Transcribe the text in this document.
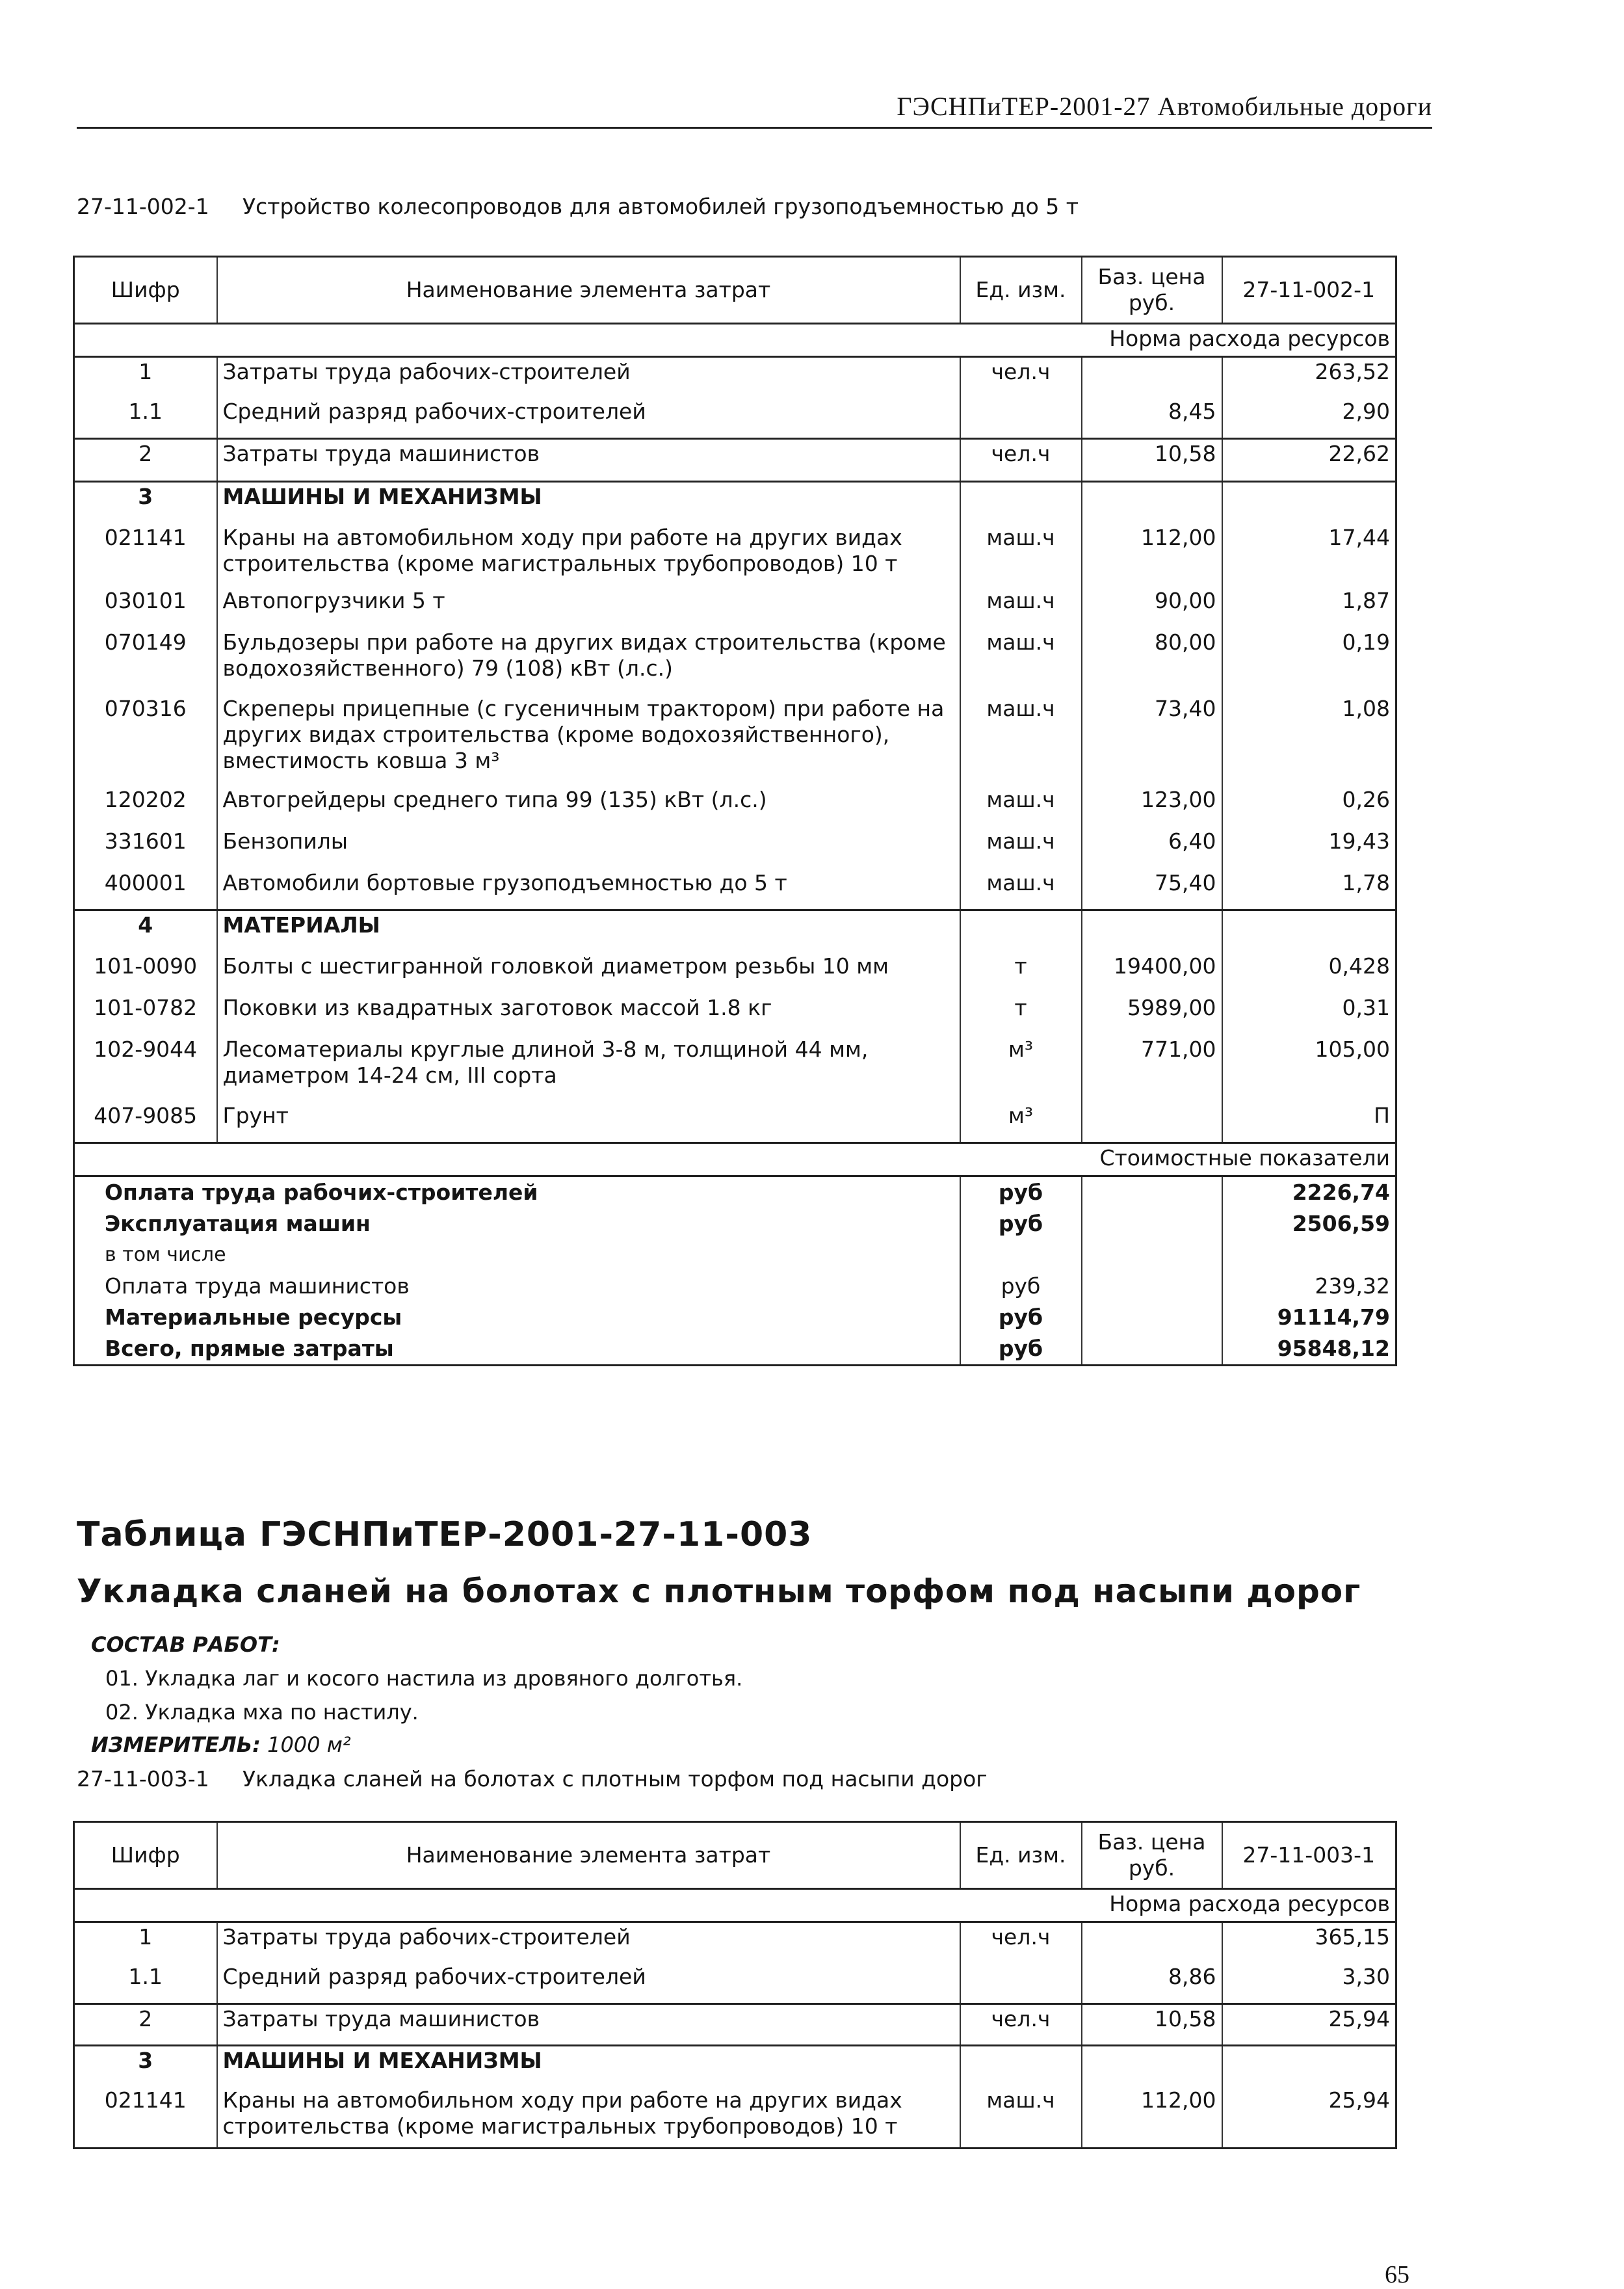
ГЭСНПиТЕР-2001-27 Автомобильные дороги
27-11-002-1 Устройство колесопроводов для автомобилей грузоподъемностью до 5 т
Шифр	Наименование элемента затрат	Ед. изм.	Баз. цена руб.	27-11-002-1
Норма расхода ресурсов				
1	Затраты труда рабочих-строителей	чел.ч		263,52
1.1	Средний разряд рабочих-строителей		8,45	2,90
2	Затраты труда машинистов	чел.ч	10,58	22,62
3	МАШИНЫ И МЕХАНИЗМЫ			
021141	Краны на автомобильном ходу при работе на других видах строительства (кроме магистральных трубопроводов) 10 т	маш.ч	112,00	17,44
030101	Автопогрузчики 5 т	маш.ч	90,00	1,87
070149	Бульдозеры при работе на других видах строительства (кроме водохозяйственного) 79 (108) кВт (л.с.)	маш.ч	80,00	0,19
070316	Скреперы прицепные (с гусеничным трактором) при работе на других видах строительства (кроме водохозяйственного), вместимость ковша 3 м³	маш.ч	73,40	1,08
120202	Автогрейдеры среднего типа 99 (135) кВт (л.с.)	маш.ч	123,00	0,26
331601	Бензопилы	маш.ч	6,40	19,43
400001	Автомобили бортовые грузоподъемностью до 5 т	маш.ч	75,40	1,78
4	МАТЕРИАЛЫ			
101-0090	Болты с шестигранной головкой диаметром резьбы 10 мм	т	19400,00	0,428
101-0782	Поковки из квадратных заготовок массой 1.8 кг	т	5989,00	0,31
102-9044	Лесоматериалы круглые длиной 3-8 м, толщиной 44 мм, диаметром 14-24 см, III сорта	м³	771,00	105,00
407-9085	Грунт	м³		П
Стоимостные показатели				
Оплата труда рабочих-строителей		руб		2226,74
Эксплуатация машин		руб		2506,59
в том числе				
Оплата труда машинистов		руб		239,32
Материальные ресурсы		руб		91114,79
Всего, прямые затраты		руб		95848,12
Таблица ГЭСНПиТЕР-2001-27-11-003
Укладка сланей на болотах с плотным торфом под насыпи дорог
СОСТАВ РАБОТ:
01. Укладка лаг и косого настила из дровяного долготья.
02. Укладка мха по настилу.
ИЗМЕРИТЕЛЬ: 1000 м²
27-11-003-1 Укладка сланей на болотах с плотным торфом под насыпи дорог
Шифр	Наименование элемента затрат	Ед. изм.	Баз. цена руб.	27-11-003-1
Норма расхода ресурсов				
1	Затраты труда рабочих-строителей	чел.ч		365,15
1.1	Средний разряд рабочих-строителей		8,86	3,30
2	Затраты труда машинистов	чел.ч	10,58	25,94
3	МАШИНЫ И МЕХАНИЗМЫ			
021141	Краны на автомобильном ходу при работе на других видах строительства (кроме магистральных трубопроводов) 10 т	маш.ч	112,00	25,94
65
